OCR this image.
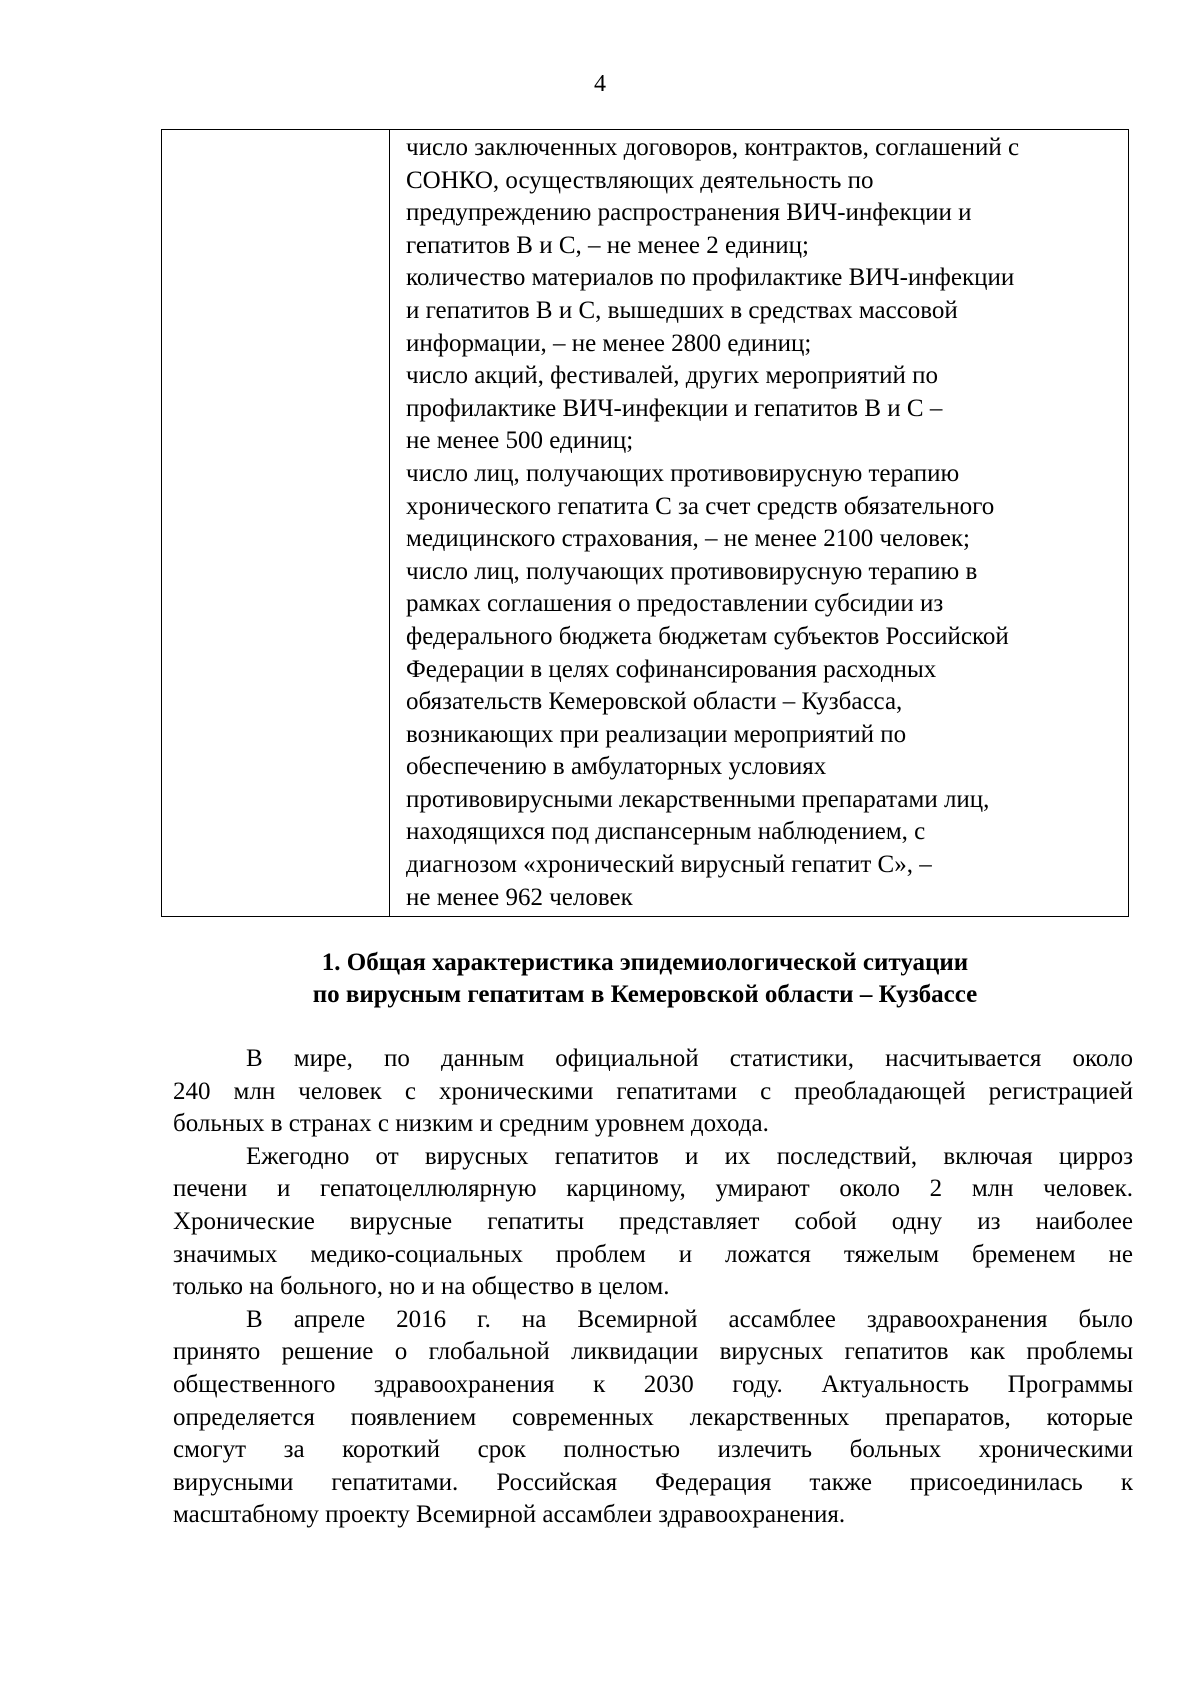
4

число заключенных договоров, контрактов, соглашений с
СОНКО, осуществляющих деятельность по
предупреждению распространения ВИЧ-инфекции и
гепатитов В и С, – не менее 2 единиц;
количество материалов по профилактике ВИЧ-инфекции
и гепатитов В и С, вышедших в средствах массовой
информации, – не менее 2800 единиц;
число акций, фестивалей, других мероприятий по
профилактике ВИЧ-инфекции и гепатитов В и С –
не менее 500 единиц;
число лиц, получающих противовирусную терапию
хронического гепатита С за счет средств обязательного
медицинского страхования, – не менее 2100 человек;
число лиц, получающих противовирусную терапию в
рамках соглашения о предоставлении субсидии из
федерального бюджета бюджетам субъектов Российской
Федерации в целях софинансирования расходных
обязательств Кемеровской области – Кузбасса,
возникающих при реализации мероприятий по
обеспечению в амбулаторных условиях
противовирусными лекарственными препаратами лиц,
находящихся под диспансерным наблюдением, с
диагнозом «хронический вирусный гепатит С», –
не менее 962 человек
1. Общая характеристика эпидемиологической ситуации
по вирусным гепатитам в Кемеровской области – Кузбассе
В мире, по данным официальной статистики, насчитывается около
240 млн человек с хроническими гепатитами с преобладающей регистрацией
больных в странах с низким и средним уровнем дохода.
Ежегодно от вирусных гепатитов и их последствий, включая цирроз
печени и гепатоцеллюлярную карциному, умирают около 2 млн человек.
Хронические вирусные гепатиты представляет собой одну из наиболее
значимых медико-социальных проблем и ложатся тяжелым бременем не
только на больного, но и на общество в целом.
В апреле 2016 г. на Всемирной ассамблее здравоохранения было
принято решение о глобальной ликвидации вирусных гепатитов как проблемы
общественного здравоохранения к 2030 году. Актуальность Программы
определяется появлением современных лекарственных препаратов, которые
смогут за короткий срок полностью излечить больных хроническими
вирусными гепатитами. Российская Федерация также присоединилась к
масштабному проекту Всемирной ассамблеи здравоохранения.
